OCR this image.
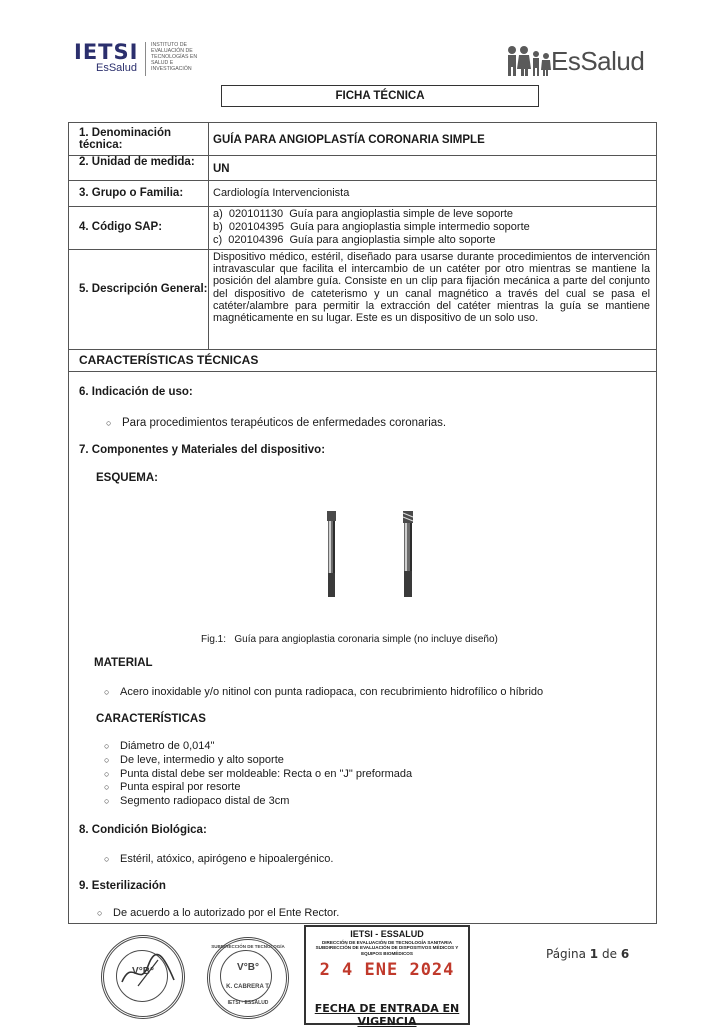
IETSI
EsSalud
INSTITUTO DE EVALUACIÓN DE TECNOLOGÍAS EN SALUD E INVESTIGACIÓN	EsSalud
FICHA TÉCNICA
1. Denominación técnica:	GUÍA PARA ANGIOPLASTÍA CORONARIA SIMPLE
2. Unidad de medida:
UN
3. Grupo o Familia:	Cardiología Intervencionista
4. Código SAP:
a)  020101130  Guía para angioplastia simple de leve soporte
b)  020104395  Guía para angioplastia simple intermedio soporte
c)  020104396  Guía para angioplastia simple alto soporte
5. Descripción General:
Dispositivo médico, estéril, diseñado para usarse durante procedimientos de intervención intravascular que facilita el intercambio de un catéter por otro mientras se mantiene la posición del alambre guía. Consiste en un clip para fijación mecánica a parte del conjunto del dispositivo de cateterismo y un canal magnético a través del cual se pasa el catéter/alambre para permitir la extracción del catéter mientras la guía se mantiene magnéticamente en su lugar. Este es un dispositivo de un solo uso.
CARACTERÍSTICAS TÉCNICAS
6. Indicación de uso:
○ Para procedimientos terapéuticos de enfermedades coronarias.
7. Componentes y Materiales del dispositivo:
ESQUEMA:
Fig.1: Guía para angioplastia coronaria simple (no incluye diseño)
MATERIAL
○ Acero inoxidable y/o nitinol con punta radiopaca, con recubrimiento hidrofílico o híbrido
CARACTERÍSTICAS
○ Diámetro de 0,014"
○ De leve, intermedio y alto soporte
○ Punta distal debe ser moldeable: Recta o en "J" preformada
○ Punta espiral por resorte
○ Segmento radiopaco distal de 3cm
8. Condición Biológica:
○ Estéril, atóxico, apirógeno e hipoalergénico.
9. Esterilización
○ De acuerdo a lo autorizado por el Ente Rector.
V°B°
SUBDIRECCIÓN DE TECNOLOGÍA
V°B°
K. CABRERA T.
IETSI · ESSALUD
IETSI - ESSALUD
DIRECCIÓN DE EVALUACIÓN DE TECNOLOGÍA SANITARIA
SUBDIRECCIÓN DE EVALUACIÓN DE DISPOSITIVOS MÉDICOS Y EQUIPOS BIOMÉDICOS
2 4 ENE 2024
FECHA DE ENTRADA EN VIGENCIA
Página 1 de 6
